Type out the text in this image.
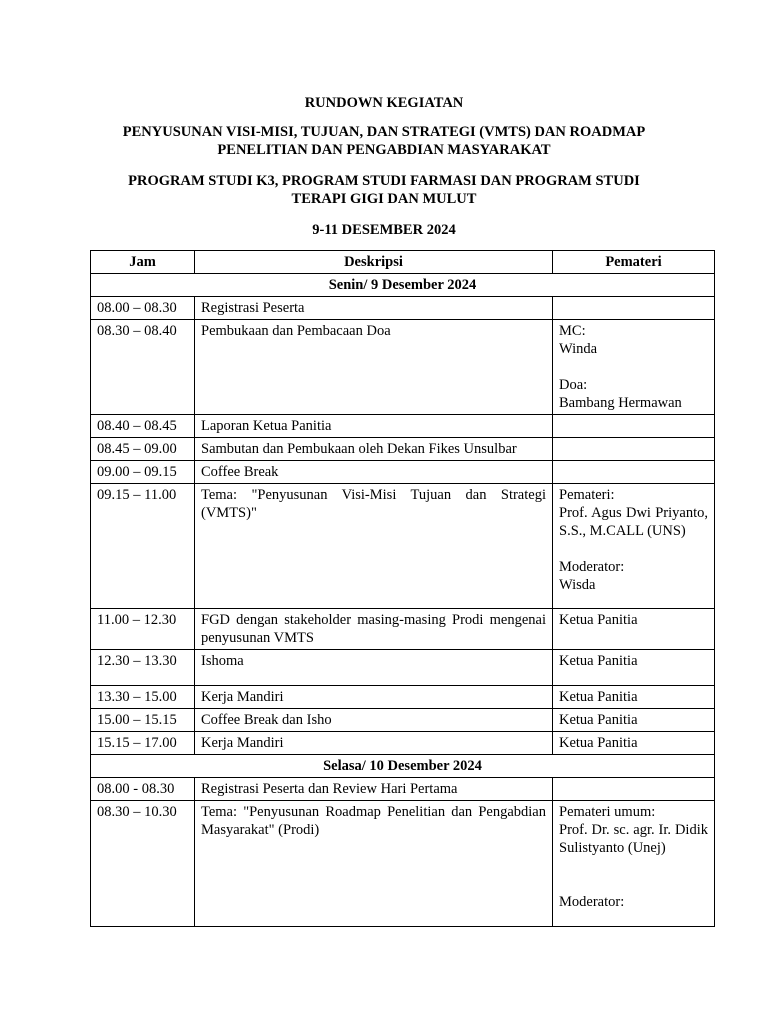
RUNDOWN KEGIATAN
PENYUSUNAN VISI-MISI, TUJUAN, DAN STRATEGI (VMTS) DAN ROADMAP
PENELITIAN DAN PENGABDIAN MASYARAKAT
PROGRAM STUDI K3, PROGRAM STUDI FARMASI DAN PROGRAM STUDI
TERAPI GIGI DAN MULUT
9-11 DESEMBER 2024
Jam	Deskripsi	Pemateri
Senin/ 9 Desember 2024		
08.00 – 08.30	Registrasi Peserta	
08.30 – 08.40	Pembukaan dan Pembacaan Doa	MC:
Winda
Doa:
Bambang Hermawan

08.40 – 08.45	Laporan Ketua Panitia	
08.45 – 09.00	Sambutan dan Pembukaan oleh Dekan Fikes Unsulbar	
09.00 – 09.15	Coffee Break	
09.15 – 11.00	Tema: "Penyusunan Visi-Misi Tujuan dan Strategi (VMTS)"	Pemateri:
Prof. Agus Dwi Priyanto, S.S., M.CALL (UNS)
Moderator:
Wisda

11.00 – 12.30	FGD dengan stakeholder masing-masing Prodi mengenai penyusunan VMTS	Ketua Panitia

12.30 – 13.30	Ishoma	Ketua Panitia

13.30 – 15.00	Kerja Mandiri	Ketua Panitia

15.00 – 15.15	Coffee Break dan Isho	Ketua Panitia

15.15 – 17.00	Kerja Mandiri	Ketua Panitia

Selasa/ 10 Desember 2024		
08.00 - 08.30	Registrasi Peserta dan Review Hari Pertama	
08.30 – 10.30	Tema: "Penyusunan Roadmap Penelitian dan Pengabdian Masyarakat" (Prodi)	Pemateri umum:
Prof. Dr. sc. agr. Ir. Didik Sulistyanto (Unej)
Moderator:
